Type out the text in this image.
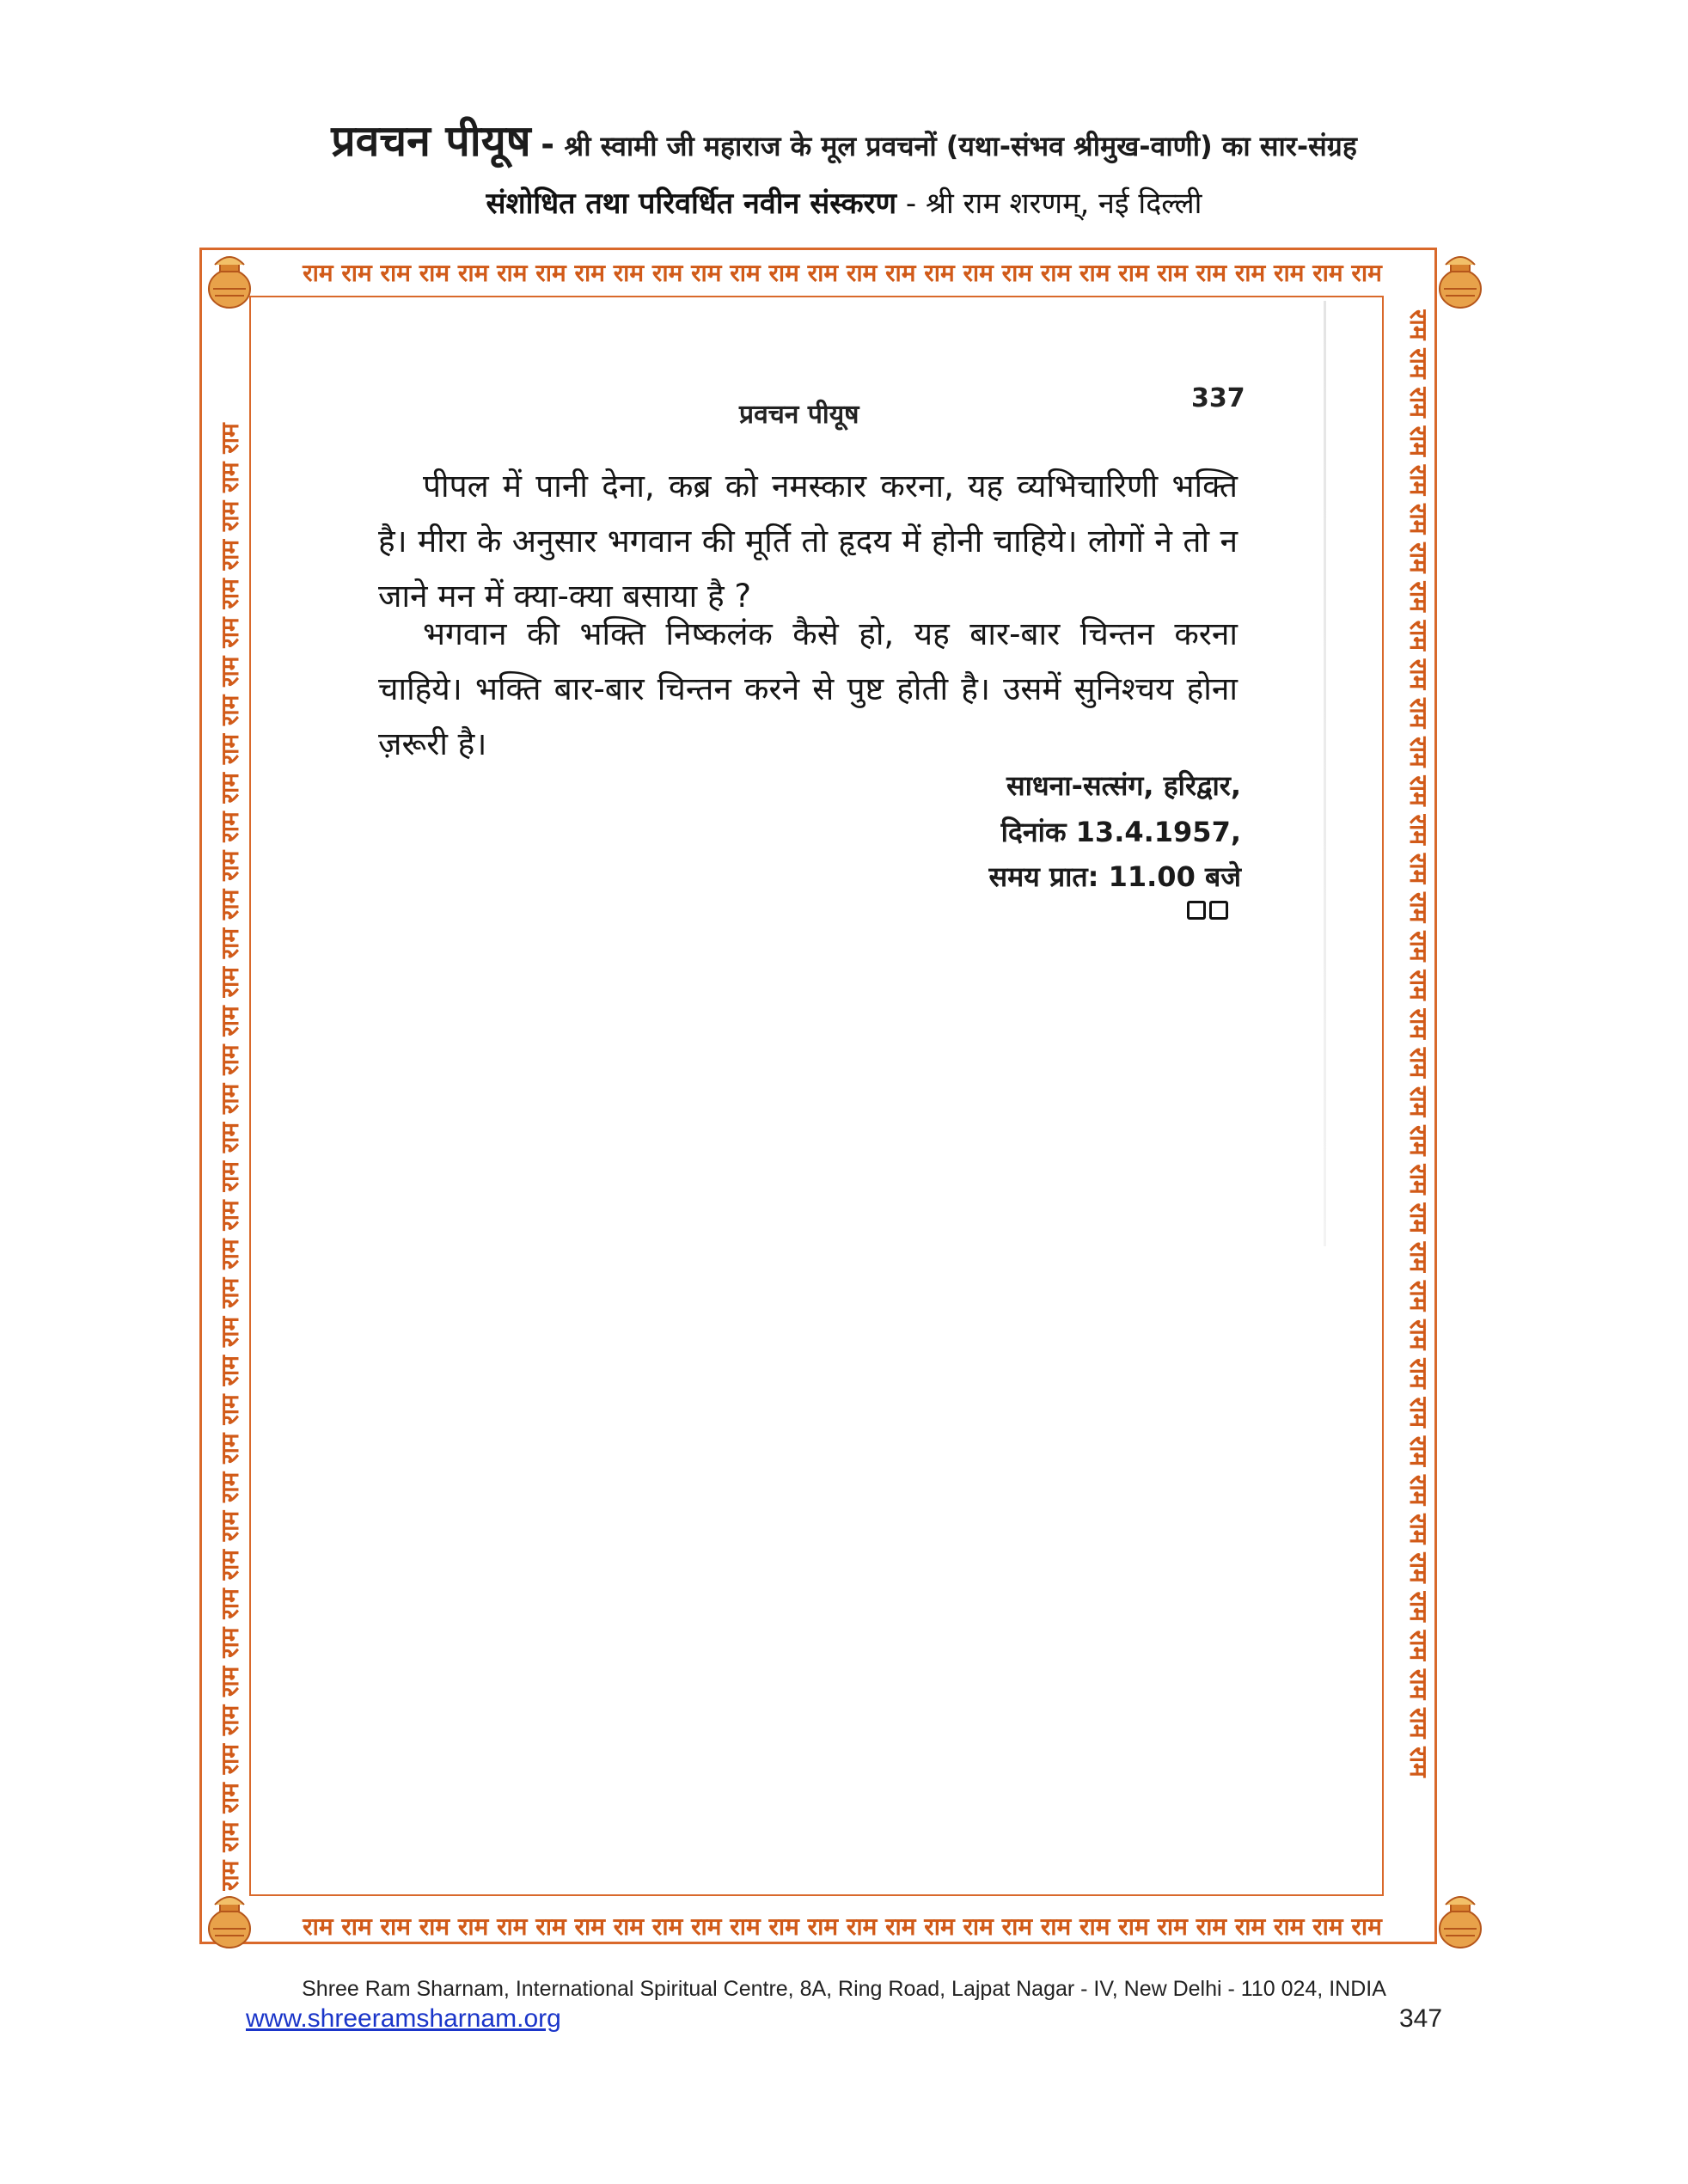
प्रवचन पीयूष - श्री स्वामी जी महाराज के मूल प्रवचनों (यथा-संभव श्रीमुख-वाणी) का सार-संग्रह
संशोधित तथा परिवर्धित नवीन संस्करण - श्री राम शरणम्, नई दिल्ली
राम राम राम राम राम राम राम राम राम राम राम राम राम राम राम राम राम राम राम राम राम राम राम राम राम राम राम राम
राम राम राम राम राम राम राम राम राम राम राम राम राम राम राम राम राम राम राम राम राम राम राम राम राम राम राम राम
राम राम राम राम राम राम राम राम राम राम राम राम राम राम राम राम राम राम राम राम राम राम राम राम राम राम राम राम राम राम राम राम राम राम राम राम राम राम	राम राम राम राम राम राम राम राम राम राम राम राम राम राम राम राम राम राम राम राम राम राम राम राम राम राम राम राम राम राम राम राम राम राम राम राम राम राम
प्रवचन पीयूष
337

पीपल में पानी देना, कब्र को नमस्कार करना, यह व्यभिचारिणी भक्ति है। मीरा के अनुसार भगवान की मूर्ति तो हृदय में होनी चाहिये। लोगों ने तो न जाने मन में क्या-क्या बसाया है ?

भगवान की भक्ति निष्कलंक कैसे हो, यह बार-बार चिन्तन करना चाहिये। भक्ति बार-बार चिन्तन करने से पुष्ट होती है। उसमें सुनिश्चय होना ज़रूरी है।

साधना-सत्संग, हरिद्वार,
दिनांक 13.4.1957,
समय प्रात: 11.00 बजे
Shree Ram Sharnam, International Spiritual Centre, 8A, Ring Road, Lajpat Nagar - IV, New Delhi - 110 024, INDIA
www.shreeramsharnam.org	347
